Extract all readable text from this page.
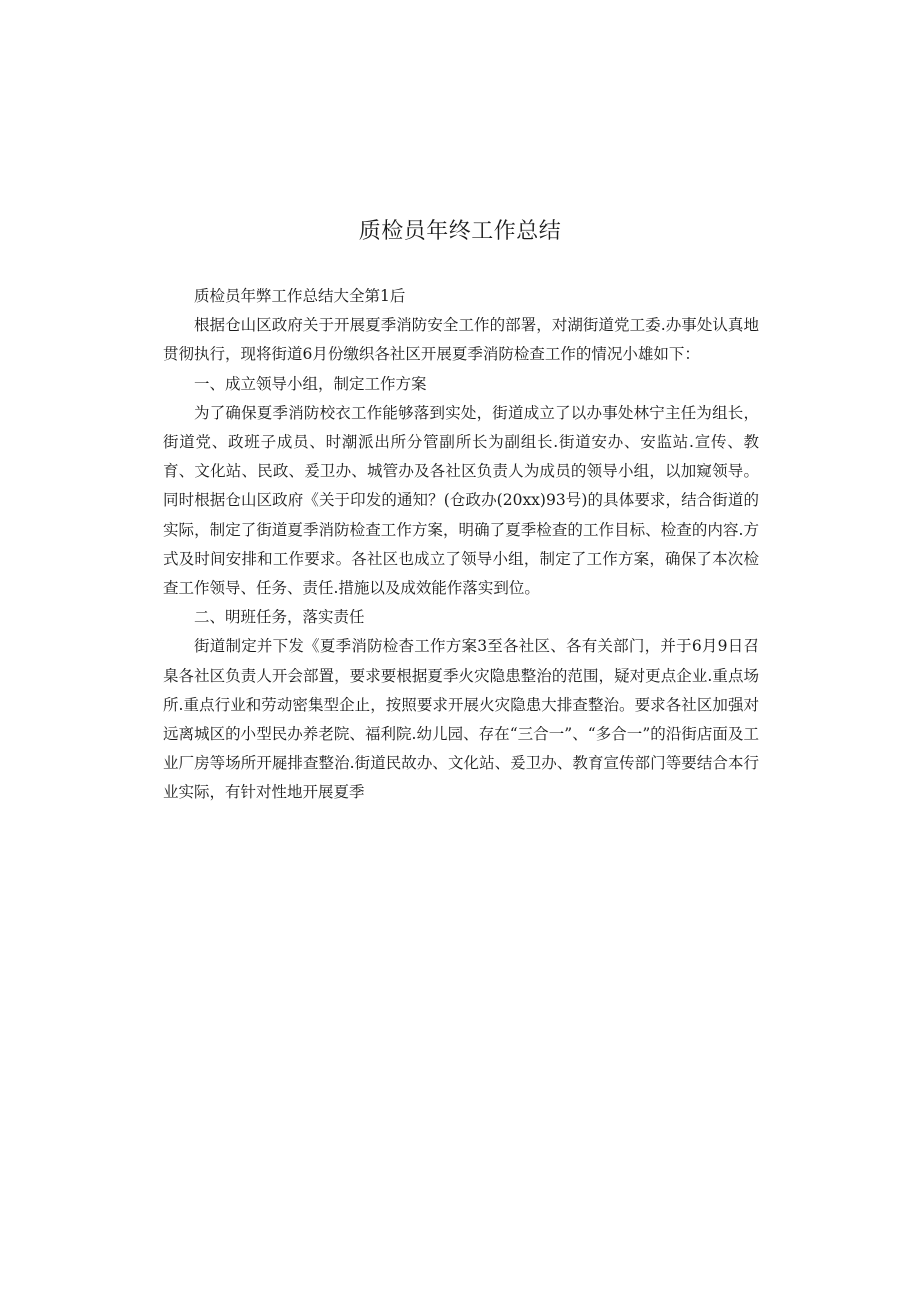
质检员年终工作总结

质检员年弊工作总结大全第1后

根据仓山区政府关于开展夏季消防安全工作的部署，对湖街道党工委.办事处认真地贯彻执行，现将街道6月份缴织各社区开展夏季消防检查工作的情况小雄如下：

一、成立领导小组，制定工作方案

为了确保夏季消防校衣工作能够落到实处，街道成立了以办事处林宁主任为组长，街道党、政班子成员、时潮派出所分管副所长为副组长.街道安办、安监站.宣传、教育、文化站、民政、爰卫办、城管办及各社区负责人为成员的领导小组，以加窥领导。同时根据仓山区政府《关于印发的通知？(仓政办(20xx)93号)的具体要求，结合街道的实际，制定了街道夏季消防检查工作方案，明确了夏季检查的工作目标、检查的内容.方式及时间安排和工作要求。各社区也成立了领导小组，制定了工作方案，确保了本次检查工作领导、任务、责任.措施以及成效能作落实到位。

二、明班任务，落实责任

街道制定并下发《夏季消防检杳工作方案3至各社区、各有关部门，并于6月9日召臬各社区负责人开会部置，要求要根据夏季火灾隐患整治的范围，疑对更点企业.重点场所.重点行业和劳动密集型企止，按照要求开展火灾隐患大排查整治。要求各社区加强对远离城区的小型民办养老院、福利院.幼儿园、存在“三合一”、“多合一”的沿街店面及工业厂房等场所开屣排查整治.街道民故办、文化站、爰卫办、教育宣传部门等要结合本行业实际，有针对性地开展夏季
